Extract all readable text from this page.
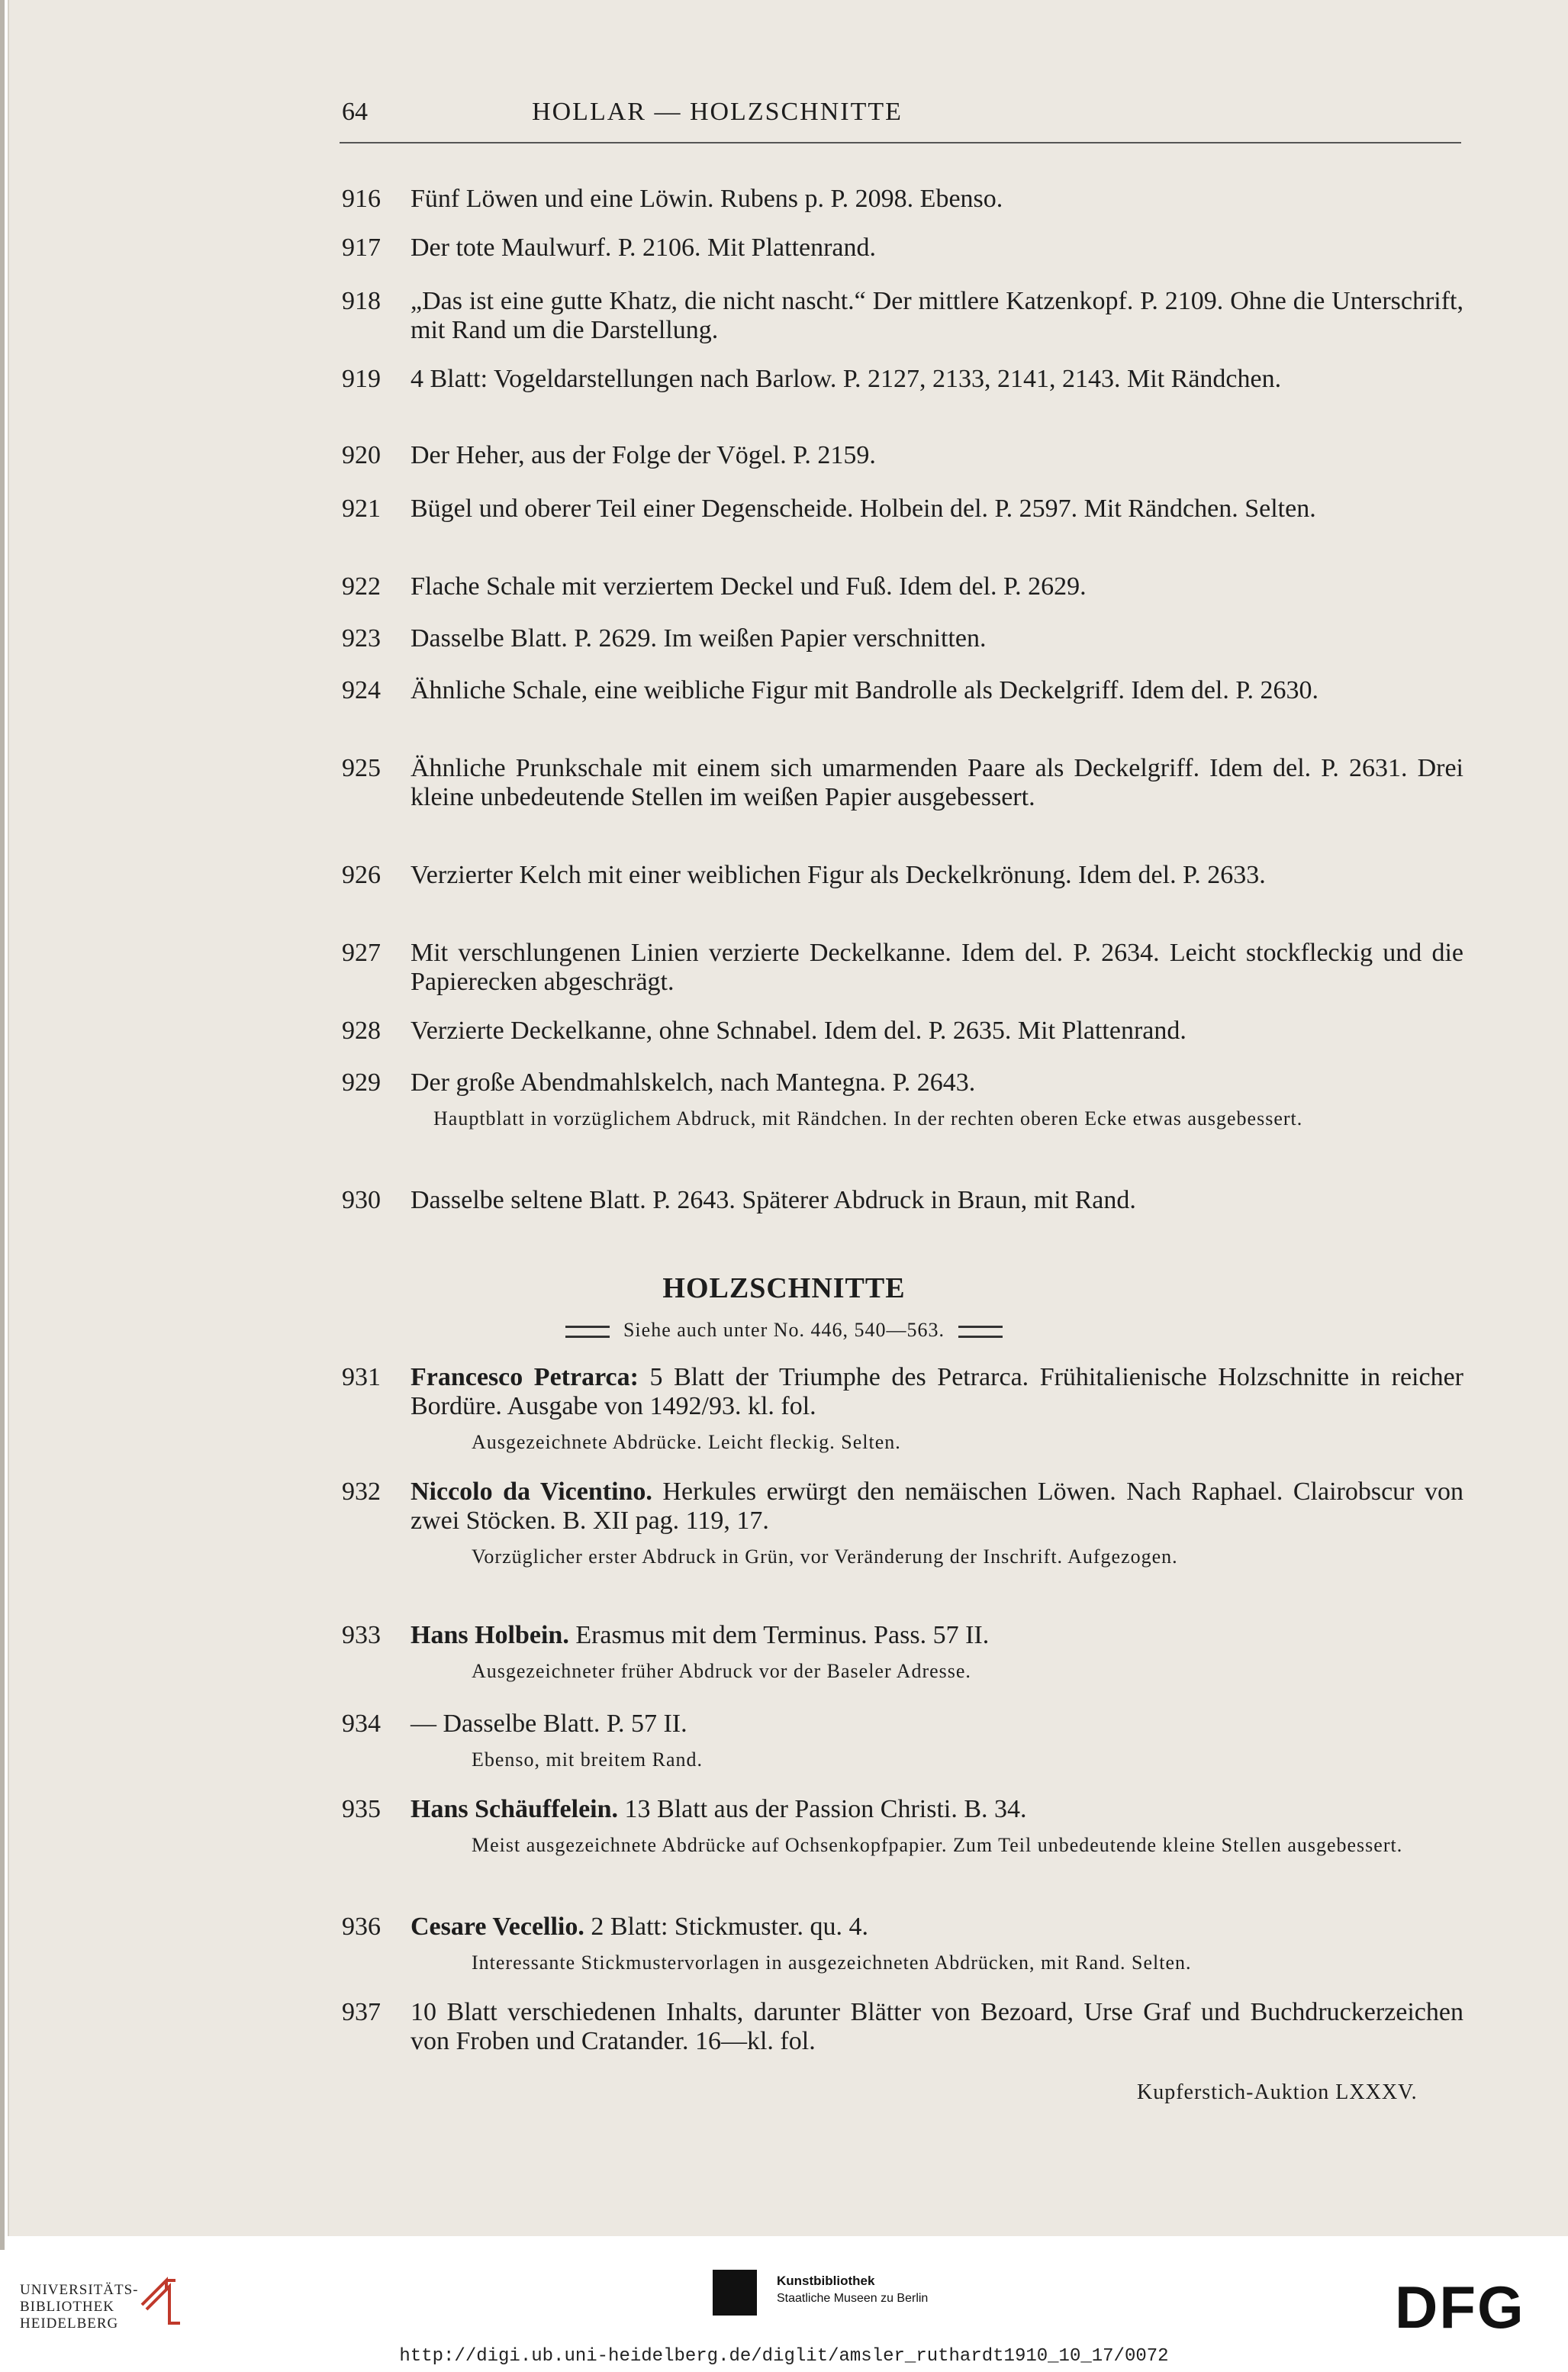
64	HOLLAR — HOLZSCHNITTE
916	Fünf Löwen und eine Löwin. Rubens p. P. 2098. Ebenso.
917	Der tote Maulwurf. P. 2106. Mit Plattenrand.
918	„Das ist eine gutte Khatz, die nicht nascht.“ Der mittlere Katzenkopf. P. 2109. Ohne die Unterschrift, mit Rand um die Darstellung.
919	4 Blatt: Vogeldarstellungen nach Barlow. P. 2127, 2133, 2141, 2143. Mit Rändchen.
920	Der Heher, aus der Folge der Vögel. P. 2159.
921	Bügel und oberer Teil einer Degenscheide. Holbein del. P. 2597. Mit Rändchen. Selten.
922	Flache Schale mit verziertem Deckel und Fuß. Idem del. P. 2629.
923	Dasselbe Blatt. P. 2629. Im weißen Papier verschnitten.
924	Ähnliche Schale, eine weibliche Figur mit Bandrolle als Deckelgriff. Idem del. P. 2630.
925	Ähnliche Prunkschale mit einem sich umarmenden Paare als Deckelgriff. Idem del. P. 2631. Drei kleine unbedeutende Stellen im weißen Papier ausgebessert.
926	Verzierter Kelch mit einer weiblichen Figur als Deckelkrönung. Idem del. P. 2633.
927	Mit verschlungenen Linien verzierte Deckelkanne. Idem del. P. 2634. Leicht stockfleckig und die Papierecken abgeschrägt.
928	Verzierte Deckelkanne, ohne Schnabel. Idem del. P. 2635. Mit Plattenrand.
929	Der große Abendmahlskelch, nach Mantegna. P. 2643.
Hauptblatt in vorzüglichem Abdruck, mit Rändchen. In der rechten oberen Ecke etwas ausgebessert.
930	Dasselbe seltene Blatt. P. 2643. Späterer Abdruck in Braun, mit Rand.
HOLZSCHNITTE
Siehe auch unter No. 446, 540—563.
931	Francesco Petrarca: 5 Blatt der Triumphe des Petrarca. Frühitalienische Holzschnitte in reicher Bordüre. Ausgabe von 1492/93. kl. fol.
Ausgezeichnete Abdrücke. Leicht fleckig. Selten.
932	Niccolo da Vicentino. Herkules erwürgt den nemäischen Löwen. Nach Raphael. Clairobscur von zwei Stöcken. B. XII pag. 119, 17.
Vorzüglicher erster Abdruck in Grün, vor Veränderung der Inschrift. Aufgezogen.
933	Hans Holbein. Erasmus mit dem Terminus. Pass. 57 II.
Ausgezeichneter früher Abdruck vor der Baseler Adresse.
934	— Dasselbe Blatt. P. 57 II.
Ebenso, mit breitem Rand.
935	Hans Schäuffelein. 13 Blatt aus der Passion Christi. B. 34.
Meist ausgezeichnete Abdrücke auf Ochsenkopfpapier. Zum Teil unbedeutende kleine Stellen ausgebessert.
936	Cesare Vecellio. 2 Blatt: Stickmuster. qu. 4.
Interessante Stickmustervorlagen in ausgezeichneten Abdrücken, mit Rand. Selten.
937	10 Blatt verschiedenen Inhalts, darunter Blätter von Bezoard, Urse Graf und Buchdruckerzeichen von Froben und Cratander. 16—kl. fol.
Kupferstich-Auktion LXXXV.
UNIVERSITÄTS-
BIBLIOTHEK
HEIDELBERG
Kunstbibliothek
Staatliche Museen zu Berlin	DFG
http://digi.ub.uni-heidelberg.de/diglit/amsler_ruthardt1910_10_17/0072
